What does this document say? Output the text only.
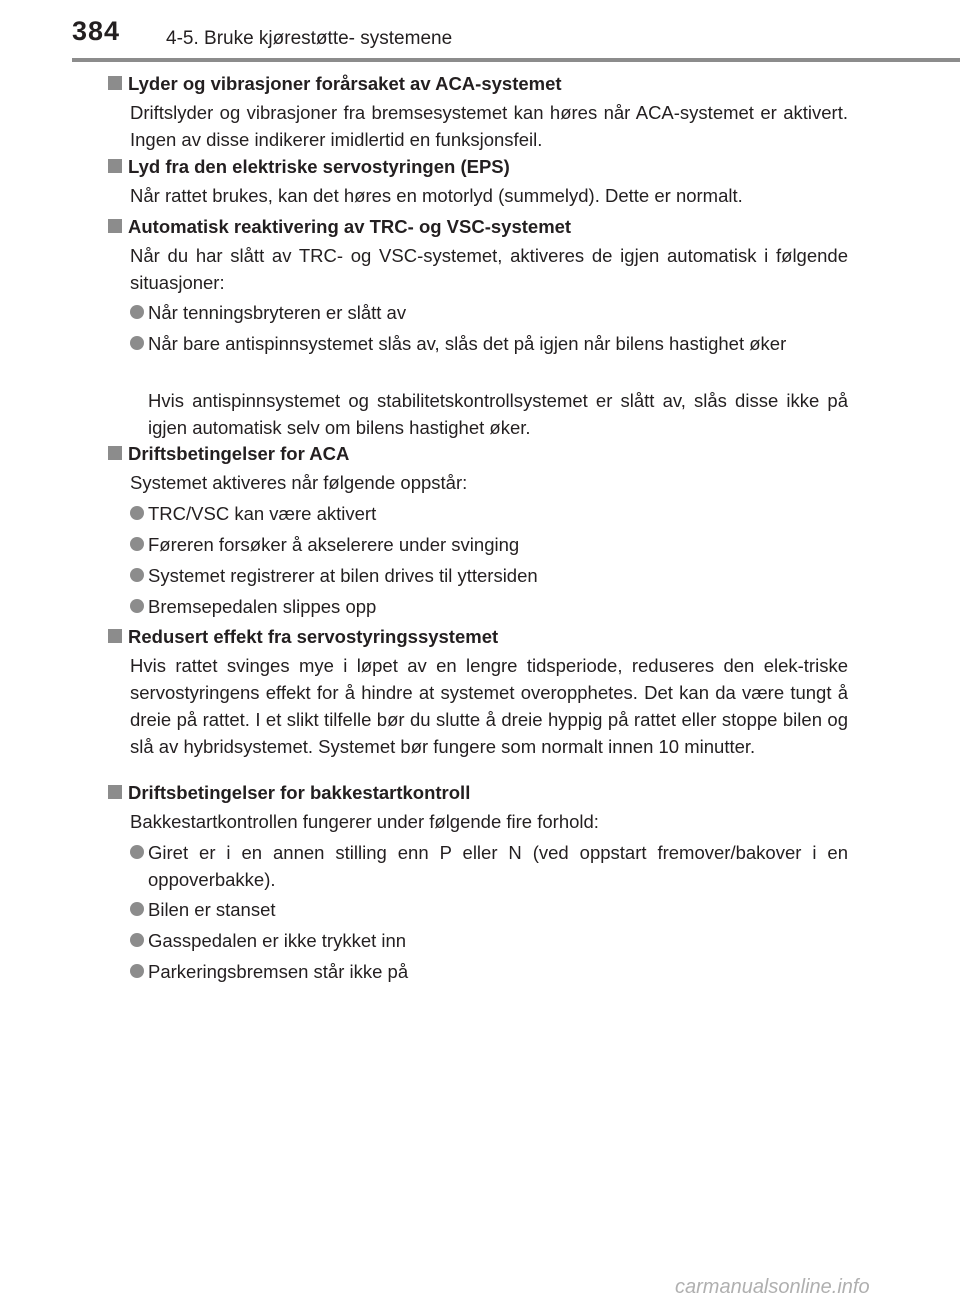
384 4-5. Bruke kjørestøtte- systemene
Lyder og vibrasjoner forårsaket av ACA-systemet
Driftslyder og vibrasjoner fra bremsesystemet kan høres når ACA-systemet er aktivert. Ingen av disse indikerer imidlertid en funksjonsfeil.
Lyd fra den elektriske servostyringen (EPS)
Når rattet brukes, kan det høres en motorlyd (summelyd). Dette er normalt.
Automatisk reaktivering av TRC- og VSC-systemet
Når du har slått av TRC- og VSC-systemet, aktiveres de igjen automatisk i følgende situasjoner:
Når tenningsbryteren er slått av
Når bare antispinnsystemet slås av, slås det på igjen når bilens hastighet øker
Hvis antispinnsystemet og stabilitetskontrollsystemet er slått av, slås disse ikke på igjen automatisk selv om bilens hastighet øker.
Driftsbetingelser for ACA
Systemet aktiveres når følgende oppstår:
TRC/VSC kan være aktivert
Føreren forsøker å akselerere under svinging
Systemet registrerer at bilen drives til yttersiden
Bremsepedalen slippes opp
Redusert effekt fra servostyringssystemet
Hvis rattet svinges mye i løpet av en lengre tidsperiode, reduseres den elek-triske servostyringens effekt for å hindre at systemet overopphetes. Det kan da være tungt å dreie på rattet. I et slikt tilfelle bør du slutte å dreie hyppig på rattet eller stoppe bilen og slå av hybridsystemet. Systemet bør fungere som normalt innen 10 minutter.
Driftsbetingelser for bakkestartkontroll
Bakkestartkontrollen fungerer under følgende fire forhold:
Giret er i en annen stilling enn P eller N (ved oppstart fremover/bakover i en oppoverbakke).
Bilen er stanset
Gasspedalen er ikke trykket inn
Parkeringsbremsen står ikke på
carmanualsonline.info
